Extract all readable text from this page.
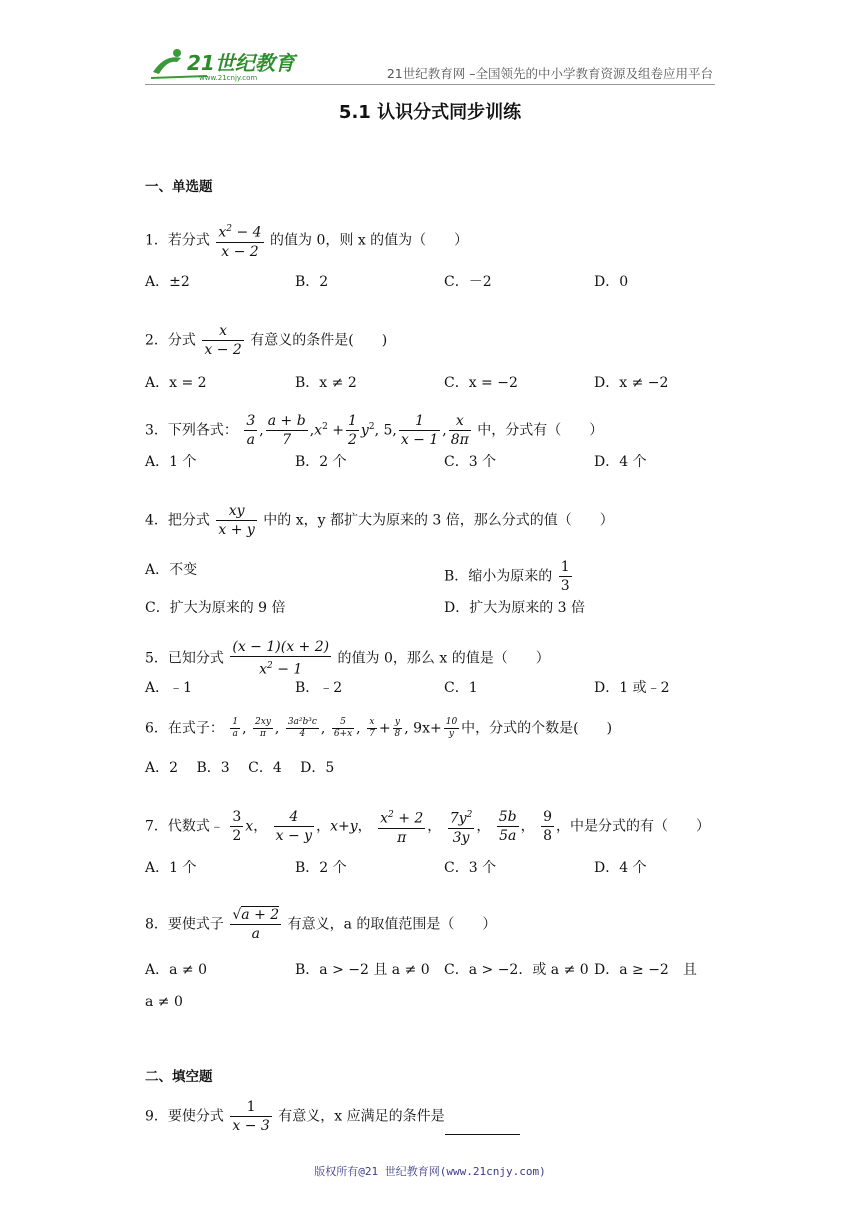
21世纪教育
www.21cnjy.com	21世纪教育网 –全国领先的中小学教育资源及组卷应用平台
5.1 认识分式同步训练
一、单选题
1．若分式 $\frac{x^2 - 4}{x - 2}$ 的值为 0，则 x 的值为（　　）
A．±2	B．2	C．－2	D．0
2．分式 $\frac{x}{x - 2}$ 有意义的条件是(　　)
A．x = 2	B．x ≠ 2	C．x = −2	D．x ≠ −2
3．下列各式： $\frac{3}{a}$ , $\frac{a + b}{7} ,x^2 + \frac{1}{2} y^2$, 5, $\frac{1}{x - 1}$ , $\frac{x}{8\pi}$ 中，分式有（　　）
A．1 个	B．2 个	C．3 个	D．4 个
4．把分式 $\frac{xy}{x + y}$ 中的 x，y 都扩大为原来的 3 倍，那么分式的值（　　）
A．不变	B．缩小为原来的 $\frac{1}{3}$
C．扩大为原来的 9 倍	D．扩大为原来的 3 倍
5．已知分式 $\frac{(x - 1)(x + 2)}{x^2 - 1}$ 的值为 0，那么 x 的值是（　　）
A．﹣1	B．﹣2	C．1	D．1 或﹣2
6．在式子： $\frac{1}{a}$ , $\frac{2xy}{\pi}$ , $\frac{\text{3a²b³c}}{4}$ , $\frac{5}{6+x}$ , $\frac{x}{7} + \frac{y}{8}$ , $9x+ \frac{10}{y}$ 中，分式的个数是(　　)
A．2　 B．3　 C．4　 D．5
7．代数式﹣ $\frac{3}{2}$ x， $\frac{4}{x - y}$ ，x+y， $\frac{x^2 + 2}{\pi}$ ， $\frac{7y^2}{3y}$ ， $\frac{5b}{5a}$ ， $\frac{9}{8}$ ，中是分式的有（　　）
A．1 个	B．2 个	C．3 个	D．4 个
8．要使式子 $\frac{√a + 2}{a}$ 有意义，a 的取值范围是（　　）
A．a ≠ 0	B．a > −2 且 a ≠ 0 C．a > −2．或 a ≠ 0 D．a ≥ −2　且
a ≠ 0
二、填空题
9．要使分式 $\frac{1}{x - 3}$ 有意义，x 应满足的条件是
版权所有@21 世纪教育网(www.21cnjy.com)
